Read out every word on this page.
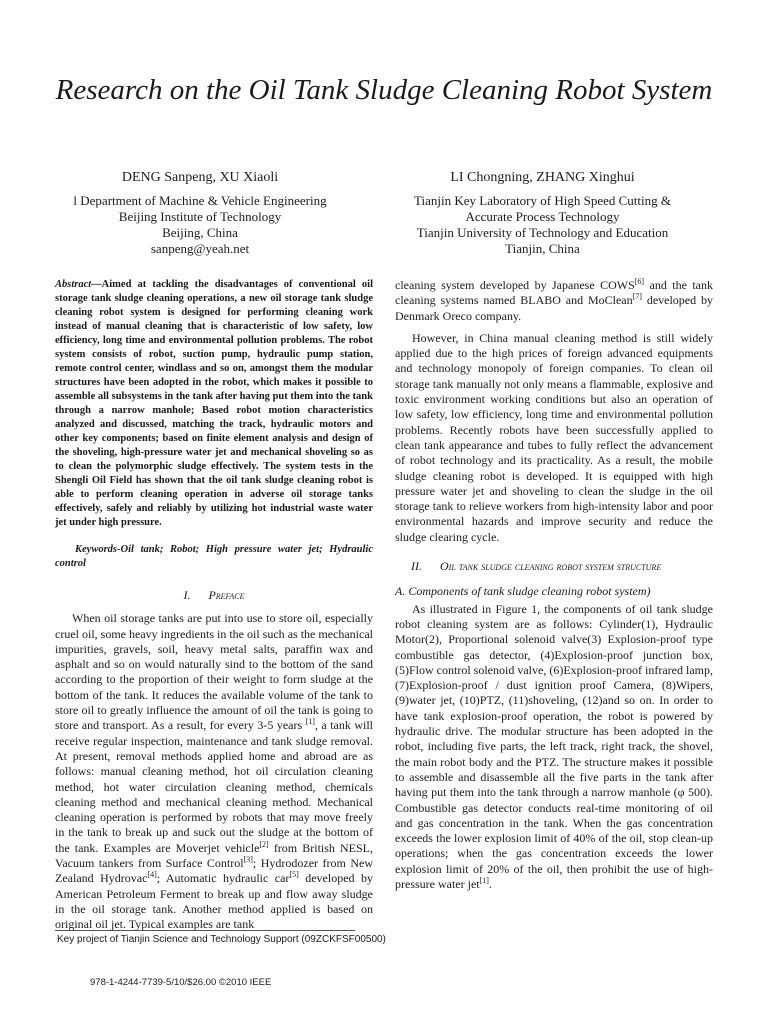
Research on the Oil Tank Sludge Cleaning Robot System
DENG Sanpeng, XU Xiaoli
l Department of Machine & Vehicle Engineering
Beijing Institute of Technology
Beijing, China
sanpeng@yeah.net
LI Chongning, ZHANG Xinghui
Tianjin Key Laboratory of High Speed Cutting &
Accurate Process Technology
Tianjin University of Technology and Education
Tianjin, China
Abstract—Aimed at tackling the disadvantages of conventional oil storage tank sludge cleaning operations, a new oil storage tank sludge cleaning robot system is designed for performing cleaning work instead of manual cleaning that is characteristic of low safety, low efficiency, long time and environmental pollution problems. The robot system consists of robot, suction pump, hydraulic pump station, remote control center, windlass and so on, amongst them the modular structures have been adopted in the robot, which makes it possible to assemble all subsystems in the tank after having put them into the tank through a narrow manhole; Based robot motion characteristics analyzed and discussed, matching the track, hydraulic motors and other key components; based on finite element analysis and design of the shoveling, high-pressure water jet and mechanical shoveling so as to clean the polymorphic sludge effectively. The system tests in the Shengli Oil Field has shown that the oil tank sludge cleaning robot is able to perform cleaning operation in adverse oil storage tanks effectively, safely and reliably by utilizing hot industrial waste water jet under high pressure.
Keywords-Oil tank; Robot; High pressure water jet; Hydraulic control
I. Preface

When oil storage tanks are put into use to store oil, especially cruel oil, some heavy ingredients in the oil such as the mechanical impurities, gravels, soil, heavy metal salts, paraffin wax and asphalt and so on would naturally sind to the bottom of the sand according to the proportion of their weight to form sludge at the bottom of the tank. It reduces the available volume of the tank to store oil to greatly influence the amount of oil the tank is going to store and transport. As a result, for every 3-5 years [1], a tank will receive regular inspection, maintenance and tank sludge removal. At present, removal methods applied home and abroad are as follows: manual cleaning method, hot oil circulation cleaning method, hot water circulation cleaning method, chemicals cleaning method and mechanical cleaning method. Mechanical cleaning operation is performed by robots that may move freely in the tank to break up and suck out the sludge at the bottom of the tank. Examples are Moverjet vehicle[2] from British NESL, Vacuum tankers from Surface Control[3]; Hydrodozer from New Zealand Hydrovac[4]; Automatic hydraulic car[5] developed by American Petroleum Ferment to break up and flow away sludge in the oil storage tank. Another method applied is based on original oil jet. Typical examples are tank

cleaning system developed by Japanese COWS[6] and the tank cleaning systems named BLABO and MoClean[7] developed by Denmark Oreco company.

However, in China manual cleaning method is still widely applied due to the high prices of foreign advanced equipments and technology monopoly of foreign companies. To clean oil storage tank manually not only means a flammable, explosive and toxic environment working conditions but also an operation of low safety, low efficiency, long time and environmental pollution problems. Recently robots have been successfully applied to clean tank appearance and tubes to fully reflect the advancement of robot technology and its practicality. As a result, the mobile sludge cleaning robot is developed. It is equipped with high pressure water jet and shoveling to clean the sludge in the oil storage tank to relieve workers from high-intensity labor and poor environmental hazards and improve security and reduce the sludge clearing cycle.

II. Oil tank sludge cleaning robot system structure
A. Components of tank sludge cleaning robot system)

As illustrated in Figure 1, the components of oil tank sludge robot cleaning system are as follows: Cylinder(1), Hydraulic Motor(2), Proportional solenoid valve(3) Explosion-proof type combustible gas detector, (4)Explosion-proof junction box, (5)Flow control solenoid valve, (6)Explosion-proof infrared lamp, (7)Explosion-proof / dust ignition proof Camera, (8)Wipers, (9)water jet, (10)PTZ, (11)shoveling, (12)and so on. In order to have tank explosion-proof operation, the robot is powered by hydraulic drive. The modular structure has been adopted in the robot, including five parts, the left track, right track, the shovel, the main robot body and the PTZ. The structure makes it possible to assemble and disassemble all the five parts in the tank after having put them into the tank through a narrow manhole (φ 500). Combustible gas detector conducts real-time monitoring of oil and gas concentration in the tank. When the gas concentration exceeds the lower explosion limit of 40% of the oil, stop clean-up operations; when the gas concentration exceeds the lower explosion limit of 20% of the oil, then prohibit the use of high-pressure water jet[1].

Key project of Tianjin Science and Technology Support (09ZCKFSF00500)
978-1-4244-7739-5/10/$26.00 ©2010 IEEE
